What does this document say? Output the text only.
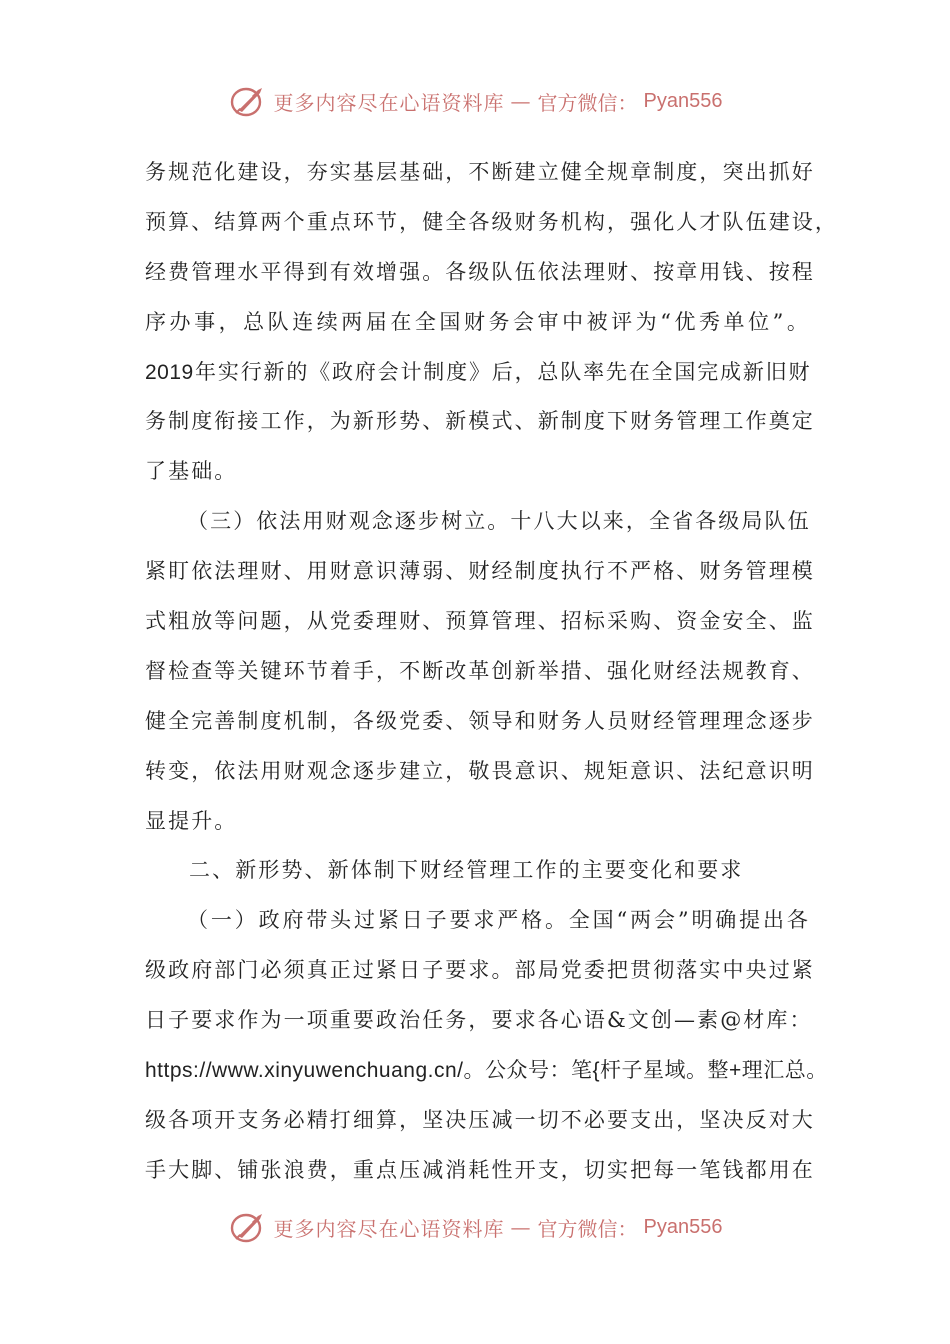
更多内容尽在心语资料库 — 官方微信： Pyan556
务规范化建设，夯实基层基础，不断建立健全规章制度，突出抓好
预算、结算两个重点环节，健全各级财务机构，强化人才队伍建设，
经费管理水平得到有效增强。各级队伍依法理财、按章用钱、按程
序办事，总队连续两届在全国财务会审中被评为“优秀单位”。
2019年实行新的《政府会计制度》后，总队率先在全国完成新旧财
务制度衔接工作，为新形势、新模式、新制度下财务管理工作奠定
了基础。
（三）依法用财观念逐步树立。十八大以来，全省各级局队伍
紧盯依法理财、用财意识薄弱、财经制度执行不严格、财务管理模
式粗放等问题，从党委理财、预算管理、招标采购、资金安全、监
督检查等关键环节着手，不断改革创新举措、强化财经法规教育、
健全完善制度机制，各级党委、领导和财务人员财经管理理念逐步
转变，依法用财观念逐步建立，敬畏意识、规矩意识、法纪意识明
显提升。
二、新形势、新体制下财经管理工作的主要变化和要求
（一）政府带头过紧日子要求严格。全国“两会”明确提出各
级政府部门必须真正过紧日子要求。部局党委把贯彻落实中央过紧
日子要求作为一项重要政治任务，要求各心语&文创—素@材库：
https://www.xinyuwenchuang.cn/。公众号：笔{杆子星域。整+理汇总。
级各项开支务必精打细算，坚决压减一切不必要支出，坚决反对大
手大脚、铺张浪费，重点压减消耗性开支，切实把每一笔钱都用在
更多内容尽在心语资料库 — 官方微信： Pyan556
